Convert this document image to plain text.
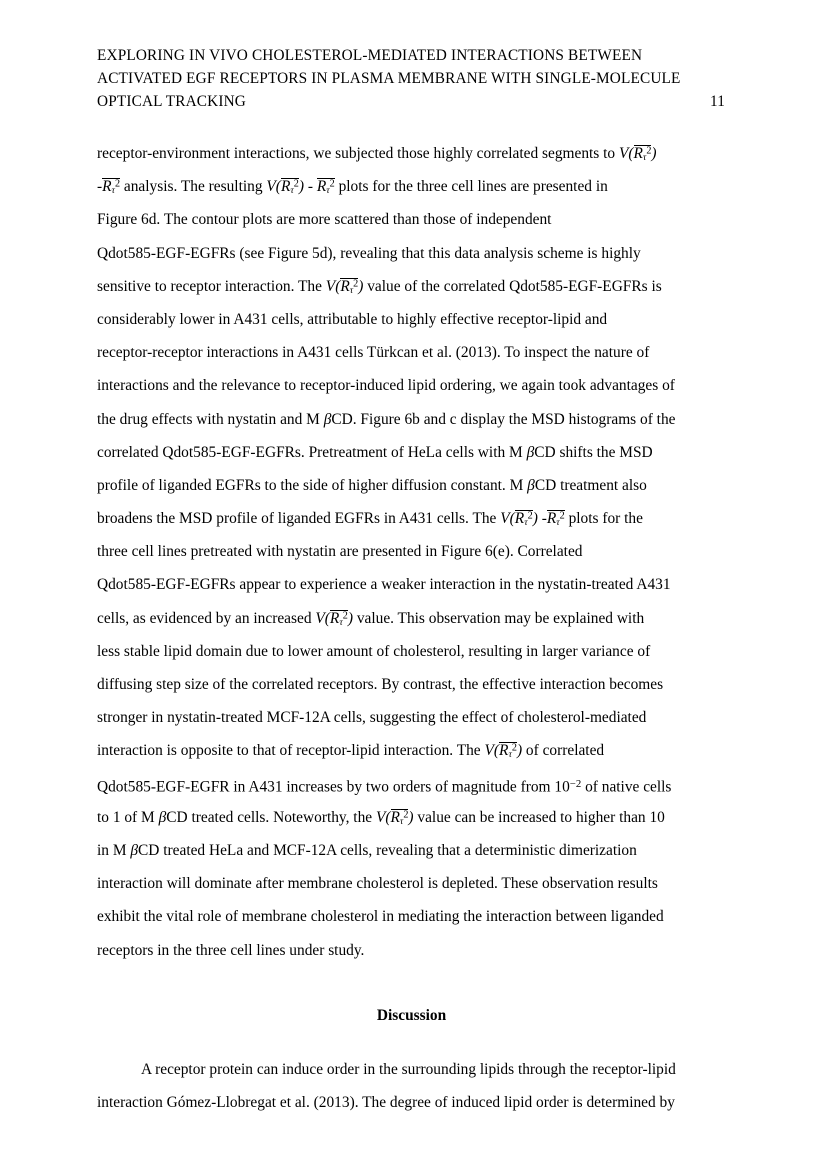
EXPLORING IN VIVO CHOLESTEROL-MEDIATED INTERACTIONS BETWEEN
ACTIVATED EGF RECEPTORS IN PLASMA MEMBRANE WITH SINGLE-MOLECULE
OPTICAL TRACKING	11
receptor-environment interactions, we subjected those highly correlated segments to $V(R_\tau^2)$
$-R_\tau^2$ analysis. The resulting $V(R_\tau^2) - R_\tau^2$ plots for the three cell lines are presented in
Figure 6d. The contour plots are more scattered than those of independent
Qdot585-EGF-EGFRs (see Figure 5d), revealing that this data analysis scheme is highly
sensitive to receptor interaction. The $V(R_\tau^2)$ value of the correlated Qdot585-EGF-EGFRs is
considerably lower in A431 cells, attributable to highly effective receptor-lipid and
receptor-receptor interactions in A431 cells Türkcan et al. (2013). To inspect the nature of
interactions and the relevance to receptor-induced lipid ordering, we again took advantages of
the drug effects with nystatin and M βCD. Figure 6b and c display the MSD histograms of the
correlated Qdot585-EGF-EGFRs. Pretreatment of HeLa cells with M βCD shifts the MSD
profile of liganded EGFRs to the side of higher diffusion constant. M βCD treatment also
broadens the MSD profile of liganded EGFRs in A431 cells. The $V(R_\tau^2)$ $-R_\tau^2$ plots for the
three cell lines pretreated with nystatin are presented in Figure 6(e). Correlated
Qdot585-EGF-EGFRs appear to experience a weaker interaction in the nystatin-treated A431
cells, as evidenced by an increased $V(R_\tau^2)$ value. This observation may be explained with
less stable lipid domain due to lower amount of cholesterol, resulting in larger variance of
diffusing step size of the correlated receptors. By contrast, the effective interaction becomes
stronger in nystatin-treated MCF-12A cells, suggesting the effect of cholesterol-mediated
interaction is opposite to that of receptor-lipid interaction. The $V(R_\tau^2)$ of correlated
Qdot585-EGF-EGFR in A431 increases by two orders of magnitude from $10^{-2}$ of native cells
to 1 of M βCD treated cells. Noteworthy, the $V(R_\tau^2)$ value can be increased to higher than 10
in M βCD treated HeLa and MCF-12A cells, revealing that a deterministic dimerization
interaction will dominate after membrane cholesterol is depleted. These observation results
exhibit the vital role of membrane cholesterol in mediating the interaction between liganded
receptors in the three cell lines under study.
Discussion
A receptor protein can induce order in the surrounding lipids through the receptor-lipid
interaction Gómez-Llobregat et al. (2013). The degree of induced lipid order is determined by
